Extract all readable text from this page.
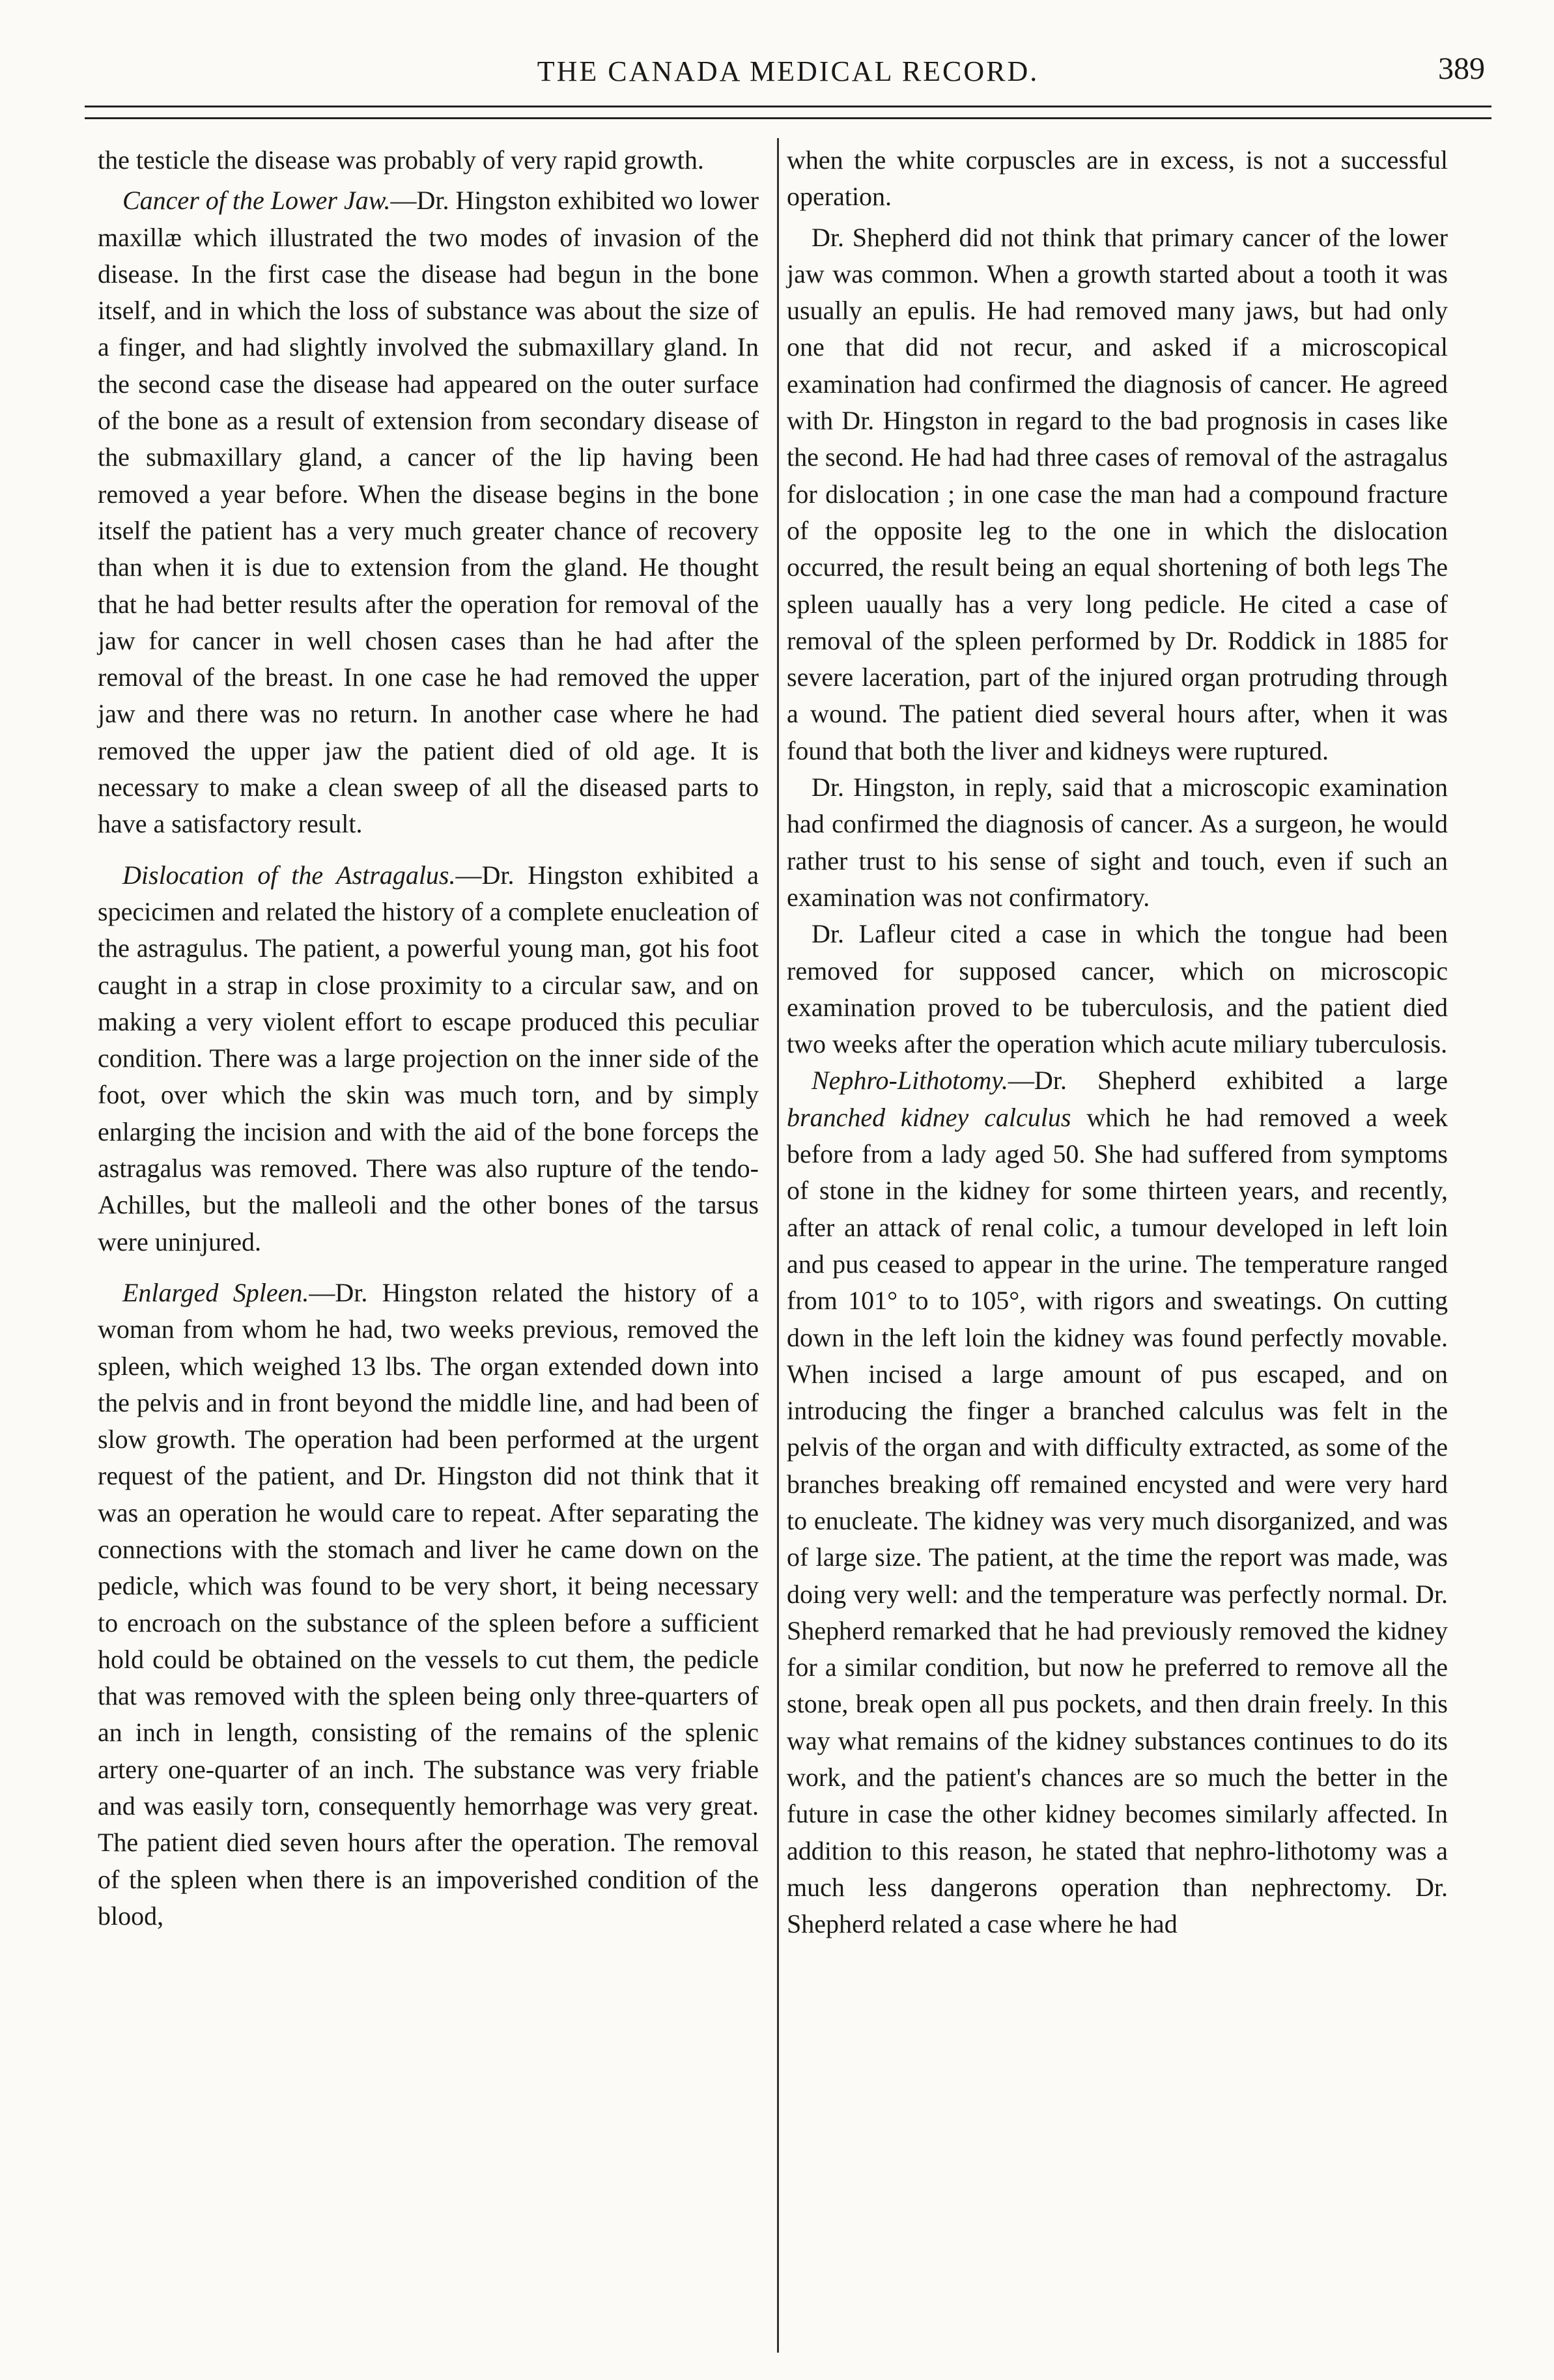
THE CANADA MEDICAL RECORD.	389

the testicle the disease was probably of very rapid growth.

Cancer of the Lower Jaw.—Dr. Hingston exhibited wo lower maxillæ which illustrated the two modes of invasion of the disease. In the first case the disease had begun in the bone itself, and in which the loss of substance was about the size of a finger, and had slightly involved the submaxillary gland. In the second case the disease had appeared on the outer surface of the bone as a result of extension from secondary disease of the submaxillary gland, a cancer of the lip having been removed a year before. When the disease begins in the bone itself the patient has a very much greater chance of recovery than when it is due to extension from the gland. He thought that he had better results after the operation for removal of the jaw for cancer in well chosen cases than he had after the removal of the breast. In one case he had removed the upper jaw and there was no return. In another case where he had removed the upper jaw the patient died of old age. It is necessary to make a clean sweep of all the diseased parts to have a satisfactory result.

Dislocation of the Astragalus.—Dr. Hingston exhibited a specicimen and related the history of a complete enucleation of the astragulus. The patient, a powerful young man, got his foot caught in a strap in close proximity to a circular saw, and on making a very violent effort to escape produced this peculiar condition. There was a large projection on the inner side of the foot, over which the skin was much torn, and by simply enlarging the incision and with the aid of the bone forceps the astragalus was removed. There was also rupture of the tendo-Achilles, but the malleoli and the other bones of the tarsus were uninjured.

Enlarged Spleen.—Dr. Hingston related the history of a woman from whom he had, two weeks previous, removed the spleen, which weighed 13 lbs. The organ extended down into the pelvis and in front beyond the middle line, and had been of slow growth. The operation had been performed at the urgent request of the patient, and Dr. Hingston did not think that it was an operation he would care to repeat. After separating the connections with the stomach and liver he came down on the pedicle, which was found to be very short, it being necessary to encroach on the substance of the spleen before a sufficient hold could be obtained on the vessels to cut them, the pedicle that was removed with the spleen being only three-quarters of an inch in length, consisting of the remains of the splenic artery one-quarter of an inch. The substance was very friable and was easily torn, consequently hemorrhage was very great. The patient died seven hours after the operation. The removal of the spleen when there is an impoverished condition of the blood,

when the white corpuscles are in excess, is not a successful operation.

Dr. Shepherd did not think that primary cancer of the lower jaw was common. When a growth started about a tooth it was usually an epulis. He had removed many jaws, but had only one that did not recur, and asked if a microscopical examination had confirmed the diagnosis of cancer. He agreed with Dr. Hingston in regard to the bad prognosis in cases like the second. He had had three cases of removal of the astragalus for dislocation ; in one case the man had a compound fracture of the opposite leg to the one in which the dislocation occurred, the result being an equal shortening of both legs The spleen uaually has a very long pedicle. He cited a case of removal of the spleen performed by Dr. Roddick in 1885 for severe laceration, part of the injured organ protruding through a wound. The patient died several hours after, when it was found that both the liver and kidneys were ruptured.

Dr. Hingston, in reply, said that a microscopic examination had confirmed the diagnosis of cancer. As a surgeon, he would rather trust to his sense of sight and touch, even if such an examination was not confirmatory.

Dr. Lafleur cited a case in which the tongue had been removed for supposed cancer, which on microscopic examination proved to be tuberculosis, and the patient died two weeks after the operation which acute miliary tuberculosis.

Nephro-Lithotomy.—Dr. Shepherd exhibited a large branched kidney calculus which he had removed a week before from a lady aged 50. She had suffered from symptoms of stone in the kidney for some thirteen years, and recently, after an attack of renal colic, a tumour developed in left loin and pus ceased to appear in the urine. The temperature ranged from 101° to to 105°, with rigors and sweatings. On cutting down in the left loin the kidney was found perfectly movable. When incised a large amount of pus escaped, and on introducing the finger a branched calculus was felt in the pelvis of the organ and with difficulty extracted, as some of the branches breaking off remained encysted and were very hard to enucleate. The kidney was very much disorganized, and was of large size. The patient, at the time the report was made, was doing very well: and the temperature was perfectly normal. Dr. Shepherd remarked that he had previously removed the kidney for a similar condition, but now he preferred to remove all the stone, break open all pus pockets, and then drain freely. In this way what remains of the kidney substances continues to do its work, and the patient's chances are so much the better in the future in case the other kidney becomes similarly affected. In addition to this reason, he stated that nephro-lithotomy was a much less dangerons operation than nephrectomy. Dr. Shepherd related a case where he had
